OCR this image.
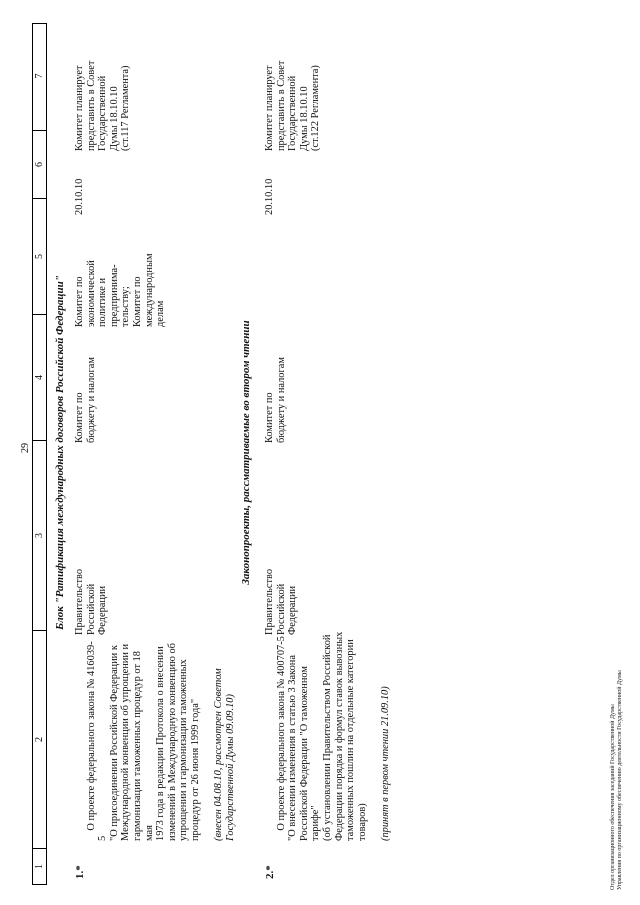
29
1
2
3
4
5
6
7
Блок "Ратификация международных договоров Российской Федерации"
1.*

О проекте федерального закона № 416039-5
"О присоединении Российской Федерации к
Международной конвенции об упрощении и
гармонизации таможенных процедур от 18 мая
1973 года в редакции Протокола о внесении
изменений в Международную конвенцию об
упрощении и гармонизации таможенных
процедур от 26 июня 1999 года"

(внесен 04.08.10, рассмотрен Советом
Государственной Думы 09.09.10)

Правительство
Российской
Федерации
Комитет по
бюджету и налогам
Комитет по
экономической
политике и
предпринима-
тельству;
Комитет по
международным
делам
20.10.10
Комитет планирует
представить в Совет
Государственной
Думы 18.10.10
(ст.117 Регламента)
Законопроекты, рассматриваемые во втором чтении
2.*

О проекте федерального закона № 400707-5
"О внесении изменения в статью 3 Закона
Российской Федерации "О таможенном
тарифе"
(об установлении Правительством Российской
Федерации порядка и формул ставок вывозных
таможенных пошлин на отдельные категории
товаров)
(принят в первом чтении 21.09.10)

Правительство
Российской
Федерации
Комитет по
бюджету и налогам
20.10.10
Комитет планирует
представить в Совет
Государственной
Думы 18.10.10
(ст.122 Регламента)
Отдел организационного обеспечения заседаний Государственной Думы Управления по организационному обеспечению деятельности Государственной Думы
